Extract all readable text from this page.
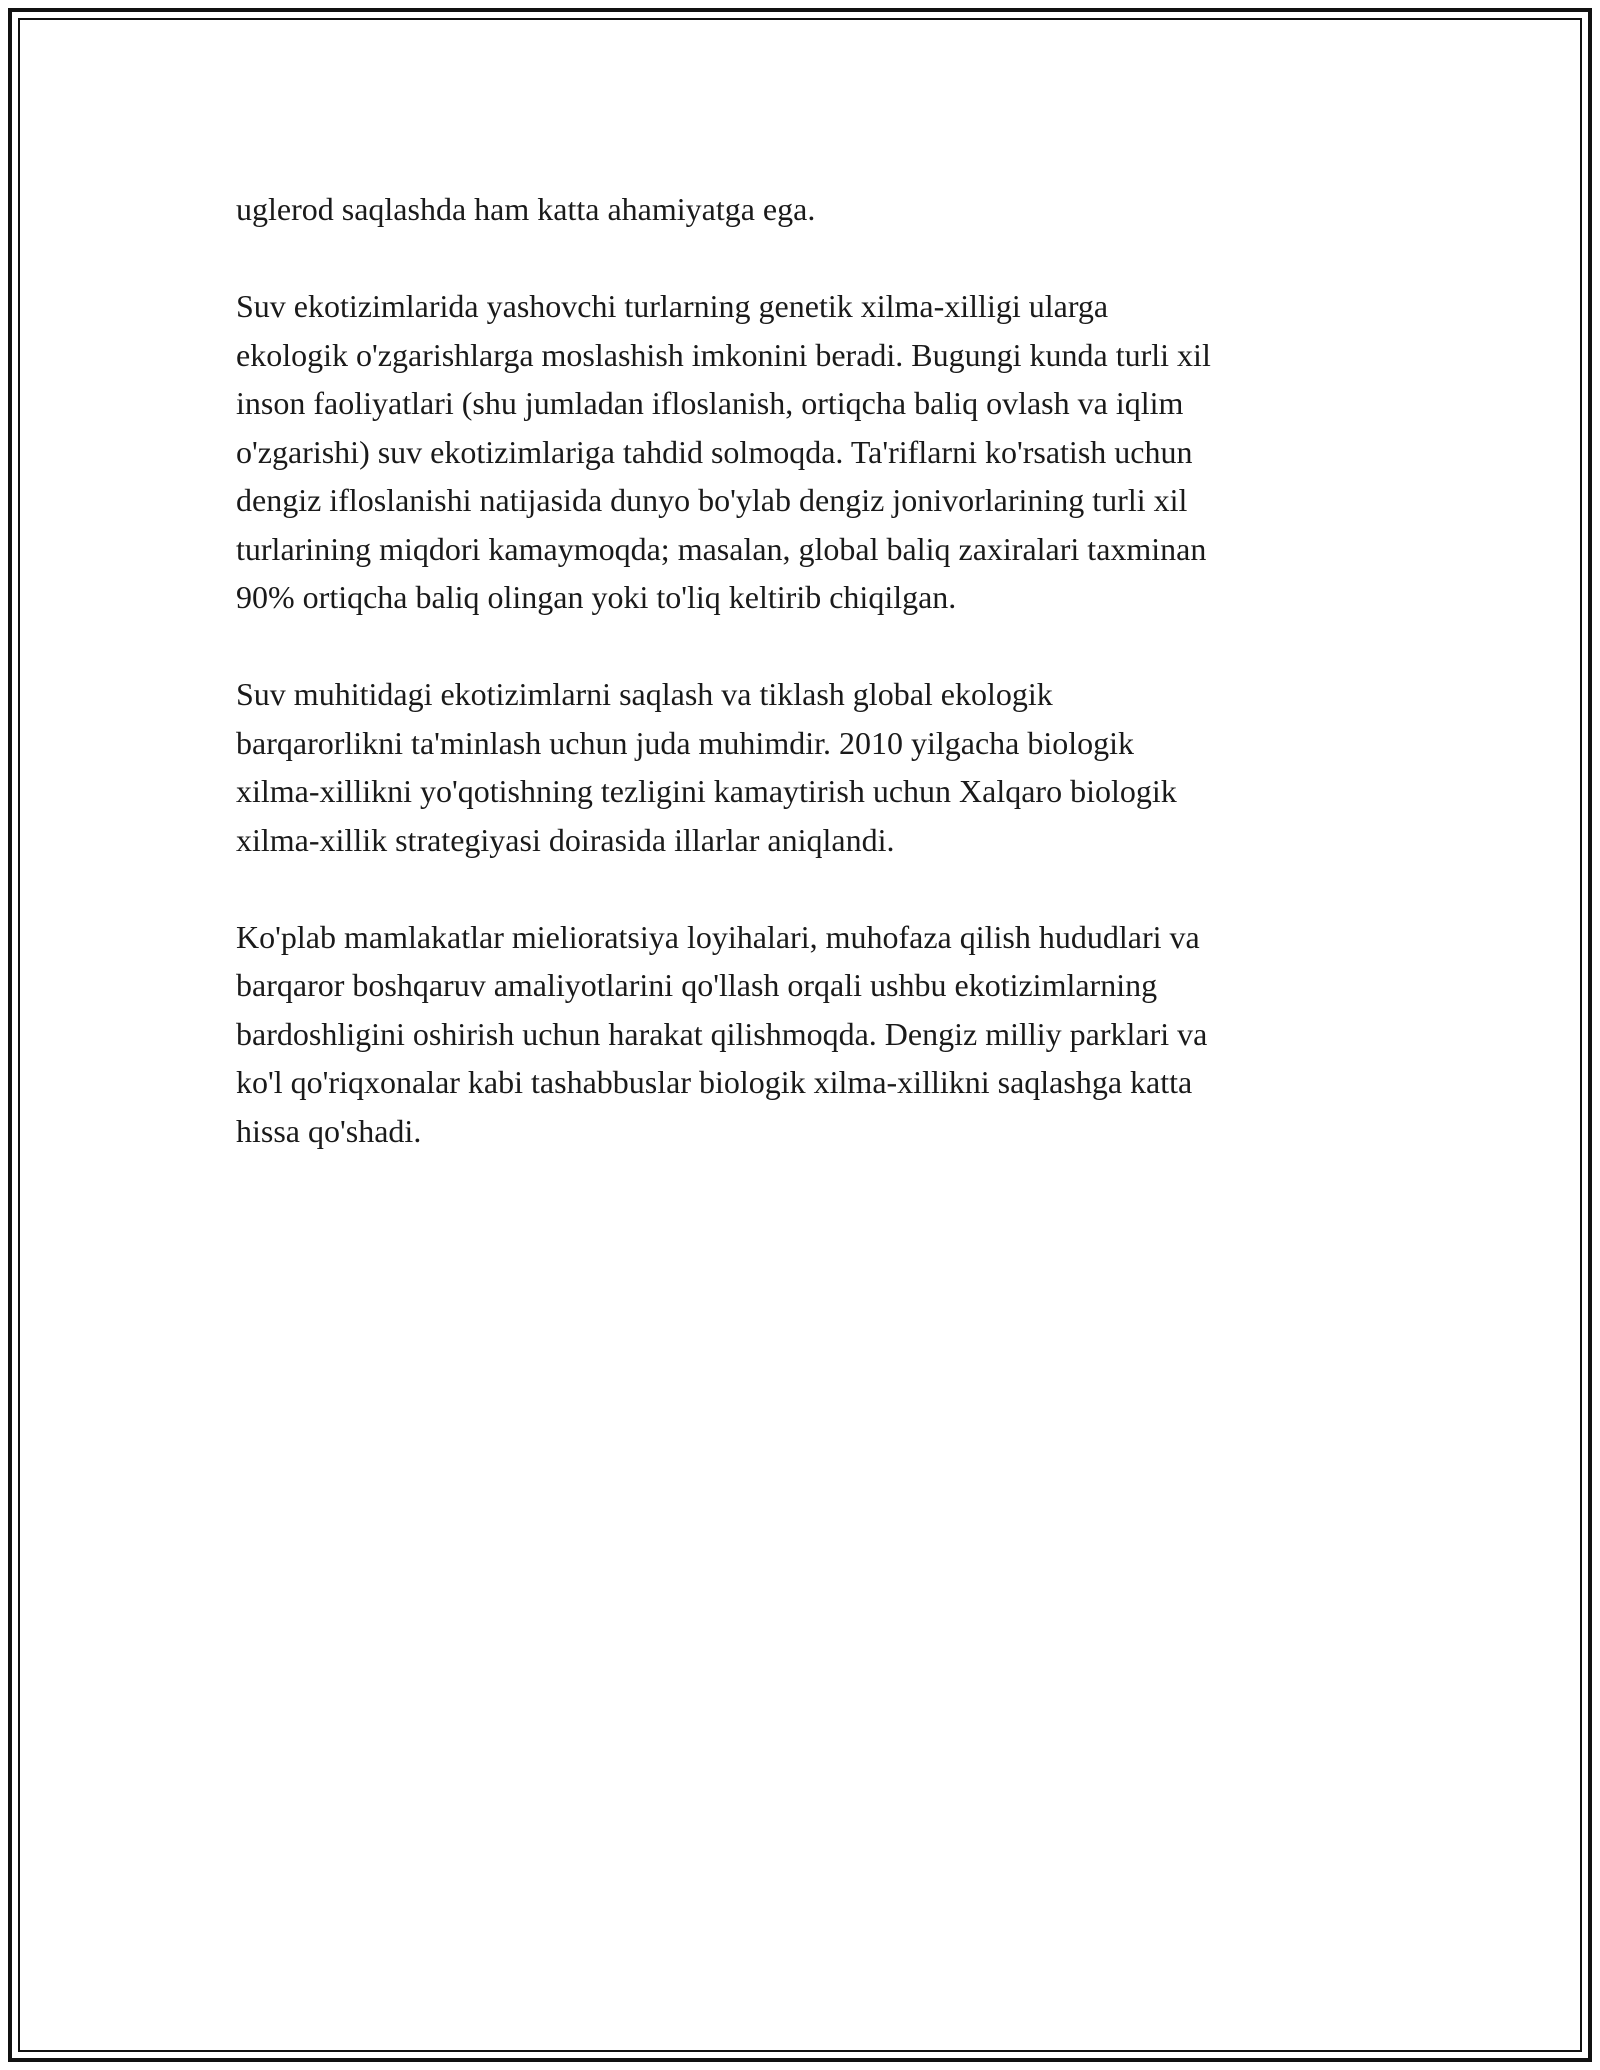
uglerod saqlashda ham katta ahamiyatga ega.

Suv ekotizimlarida yashovchi turlarning genetik xilma-xilligi ularga
ekologik o'zgarishlarga moslashish imkonini beradi. Bugungi kunda turli xil
inson faoliyatlari (shu jumladan ifloslanish, ortiqcha baliq ovlash va iqlim
o'zgarishi) suv ekotizimlariga tahdid solmoqda. Ta'riflarni ko'rsatish uchun
dengiz ifloslanishi natijasida dunyo bo'ylab dengiz jonivorlarining turli xil
turlarining miqdori kamaymoqda; masalan, global baliq zaxiralari taxminan
90% ortiqcha baliq olingan yoki to'liq keltirib chiqilgan.

Suv muhitidagi ekotizimlarni saqlash va tiklash global ekologik
barqarorlikni ta'minlash uchun juda muhimdir. 2010 yilgacha biologik
xilma-xillikni yo'qotishning tezligini kamaytirish uchun Xalqaro biologik
xilma-xillik strategiyasi doirasida illarlar aniqlandi.

Ko'plab mamlakatlar mielioratsiya loyihalari, muhofaza qilish hududlari va
barqaror boshqaruv amaliyotlarini qo'llash orqali ushbu ekotizimlarning
bardoshligini oshirish uchun harakat qilishmoqda. Dengiz milliy parklari va
ko'l qo'riqxonalar kabi tashabbuslar biologik xilma-xillikni saqlashga katta
hissa qo'shadi.
